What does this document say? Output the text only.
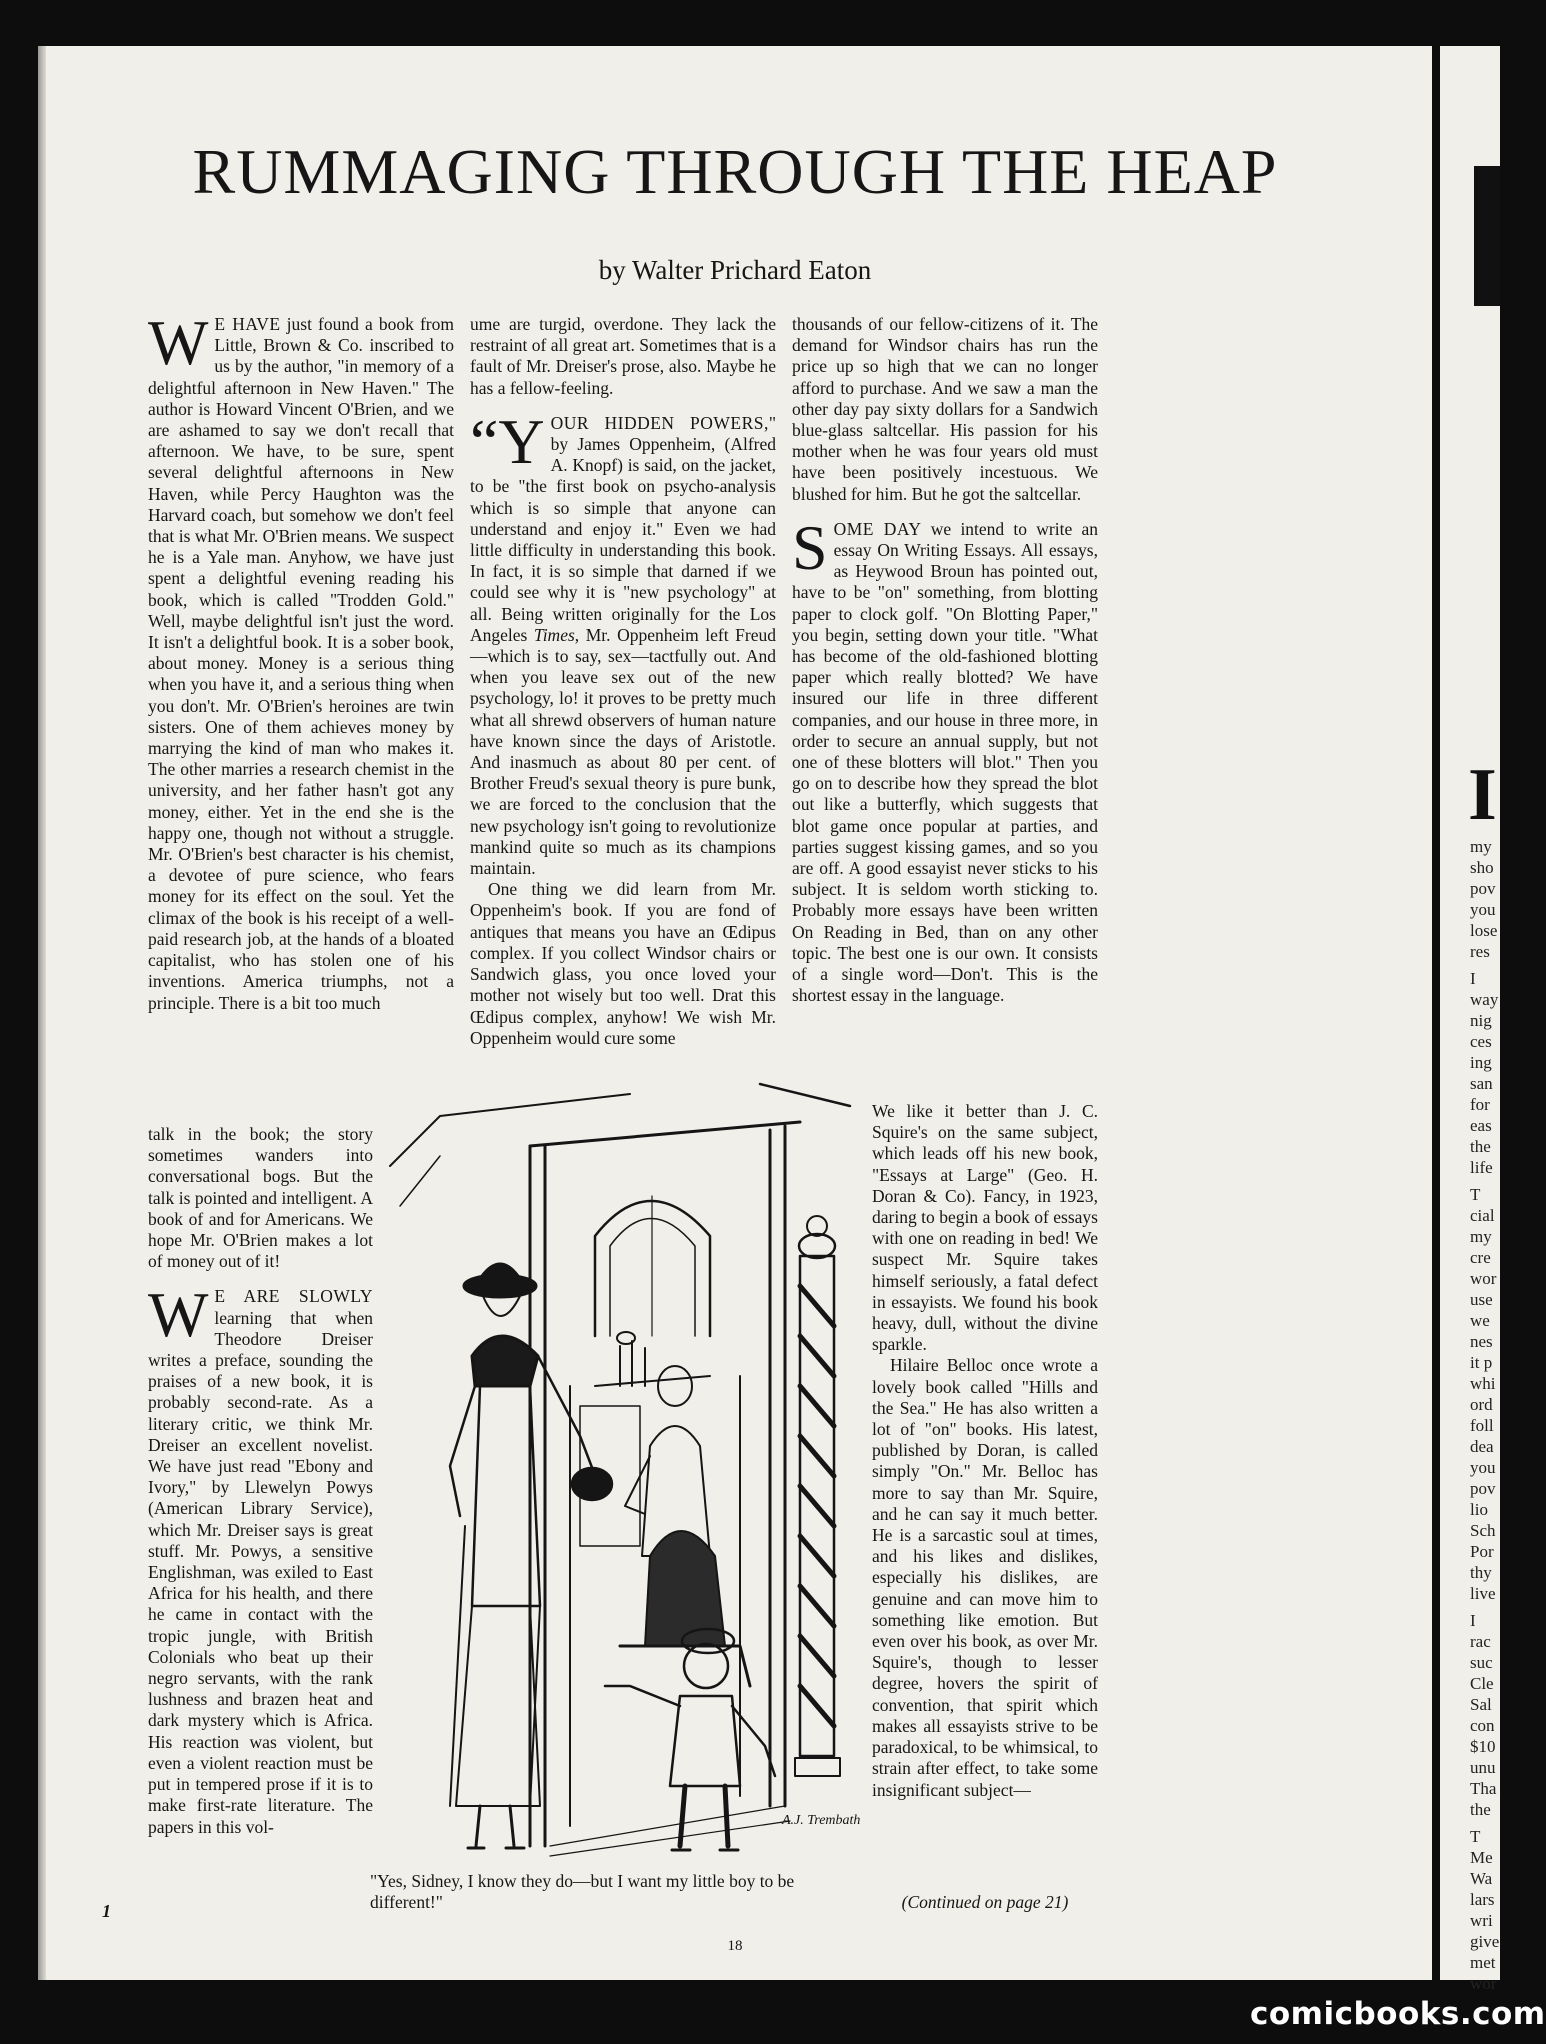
RUMMAGING THROUGH THE HEAP
by Walter Prichard Eaton

W E HAVE just found a book from Little, Brown & Co. inscribed to us by the author, "in memory of a delightful afternoon in New Haven." The author is Howard Vincent O'Brien, and we are ashamed to say we don't recall that afternoon. We have, to be sure, spent several delightful afternoons in New Haven, while Percy Haughton was the Harvard coach, but somehow we don't feel that is what Mr. O'Brien means. We suspect he is a Yale man. Anyhow, we have just spent a delightful evening reading his book, which is called "Trodden Gold." Well, maybe delightful isn't just the word. It isn't a delightful book. It is a sober book, about money. Money is a serious thing when you have it, and a serious thing when you don't. Mr. O'Brien's heroines are twin sisters. One of them achieves money by marrying the kind of man who makes it. The other marries a research chemist in the university, and her father hasn't got any money, either. Yet in the end she is the happy one, though not without a struggle. Mr. O'Brien's best character is his chemist, a devotee of pure science, who fears money for its effect on the soul. Yet the climax of the book is his receipt of a well-paid research job, at the hands of a bloated capitalist, who has stolen one of his inventions. America triumphs, not a principle. There is a bit too much

talk in the book; the story sometimes wanders into conversational bogs. But the talk is pointed and intelligent. A book of and for Americans. We hope Mr. O'Brien makes a lot of money out of it!

W E ARE SLOWLY learning that when Theodore Dreiser writes a preface, sounding the praises of a new book, it is probably second-rate. As a literary critic, we think Mr. Dreiser an excellent novelist. We have just read "Ebony and Ivory," by Llewelyn Powys (American Library Service), which Mr. Dreiser says is great stuff. Mr. Powys, a sensitive Englishman, was exiled to East Africa for his health, and there he came in contact with the tropic jungle, with British Colonials who beat up their negro servants, with the rank lushness and brazen heat and dark mystery which is Africa. His reaction was violent, but even a violent reaction must be put in tempered prose if it is to make first-rate literature. The papers in this vol-

ume are turgid, overdone. They lack the restraint of all great art. Sometimes that is a fault of Mr. Dreiser's prose, also. Maybe he has a fellow-feeling.

“YOUR HIDDEN POWERS," by James Oppenheim, (Alfred A. Knopf) is said, on the jacket, to be "the first book on psycho-analysis which is so simple that anyone can understand and enjoy it." Even we had little difficulty in understanding this book. In fact, it is so simple that darned if we could see why it is "new psychology" at all. Being written originally for the Los Angeles Times, Mr. Oppenheim left Freud—which is to say, sex—tactfully out. And when you leave sex out of the new psychology, lo! it proves to be pretty much what all shrewd observers of human nature have known since the days of Aristotle. And inasmuch as about 80 per cent. of Brother Freud's sexual theory is pure bunk, we are forced to the conclusion that the new psychology isn't going to revolutionize mankind quite so much as its champions maintain.

One thing we did learn from Mr. Oppenheim's book. If you are fond of antiques that means you have an Œdipus complex. If you collect Windsor chairs or Sandwich glass, you once loved your mother not wisely but too well. Drat this Œdipus complex, anyhow! We wish Mr. Oppenheim would cure some

thousands of our fellow-citizens of it. The demand for Windsor chairs has run the price up so high that we can no longer afford to purchase. And we saw a man the other day pay sixty dollars for a Sandwich blue-glass saltcellar. His passion for his mother when he was four years old must have been positively incestuous. We blushed for him. But he got the saltcellar.

SOME DAY we intend to write an essay On Writing Essays. All essays, as Heywood Broun has pointed out, have to be "on" something, from blotting paper to clock golf. "On Blotting Paper," you begin, setting down your title. "What has become of the old-fashioned blotting paper which really blotted? We have insured our life in three different companies, and our house in three more, in order to secure an annual supply, but not one of these blotters will blot." Then you go on to describe how they spread the blot out like a butterfly, which suggests that blot game once popular at parties, and parties suggest kissing games, and so you are off. A good essayist never sticks to his subject. It is seldom worth sticking to. Probably more essays have been written On Reading in Bed, than on any other topic. The best one is our own. It consists of a single word—Don't. This is the shortest essay in the language.

We like it better than J. C. Squire's on the same subject, which leads off his new book, "Essays at Large" (Geo. H. Doran & Co). Fancy, in 1923, daring to begin a book of essays with one on reading in bed! We suspect Mr. Squire takes himself seriously, a fatal defect in essayists. We found his book heavy, dull, without the divine sparkle.

Hilaire Belloc once wrote a lovely book called "Hills and the Sea." He has also written a lot of "on" books. His latest, published by Doran, is called simply "On." Mr. Belloc has more to say than Mr. Squire, and he can say it much better. He is a sarcastic soul at times, and his likes and dislikes, especially his dislikes, are genuine and can move him to something like emotion. But even over his book, as over Mr. Squire's, though to lesser degree, hovers the spirit of convention, that spirit which makes all essayists strive to be paradoxical, to be whimsical, to strain after effect, to take some insignificant subject—

A.J. Trembath
"Yes, Sidney, I know they do—but I want my little boy to be different!"	(Continued on page 21)
18
1
I
my
sho
pov
you
lose
res
I
way
nig
ces
ing
san
for
eas
the
life
T
cial
my
cre
wor
use
we
nes
it p
whi
ord
foll
dea
you
pov
lio
Sch
Por
thy
live
I
rac
suc
Cle
Sal
con
$10
unu
Tha
the
T
Me
Wa
lars
wri
give
met
wor
comicbooks.com
